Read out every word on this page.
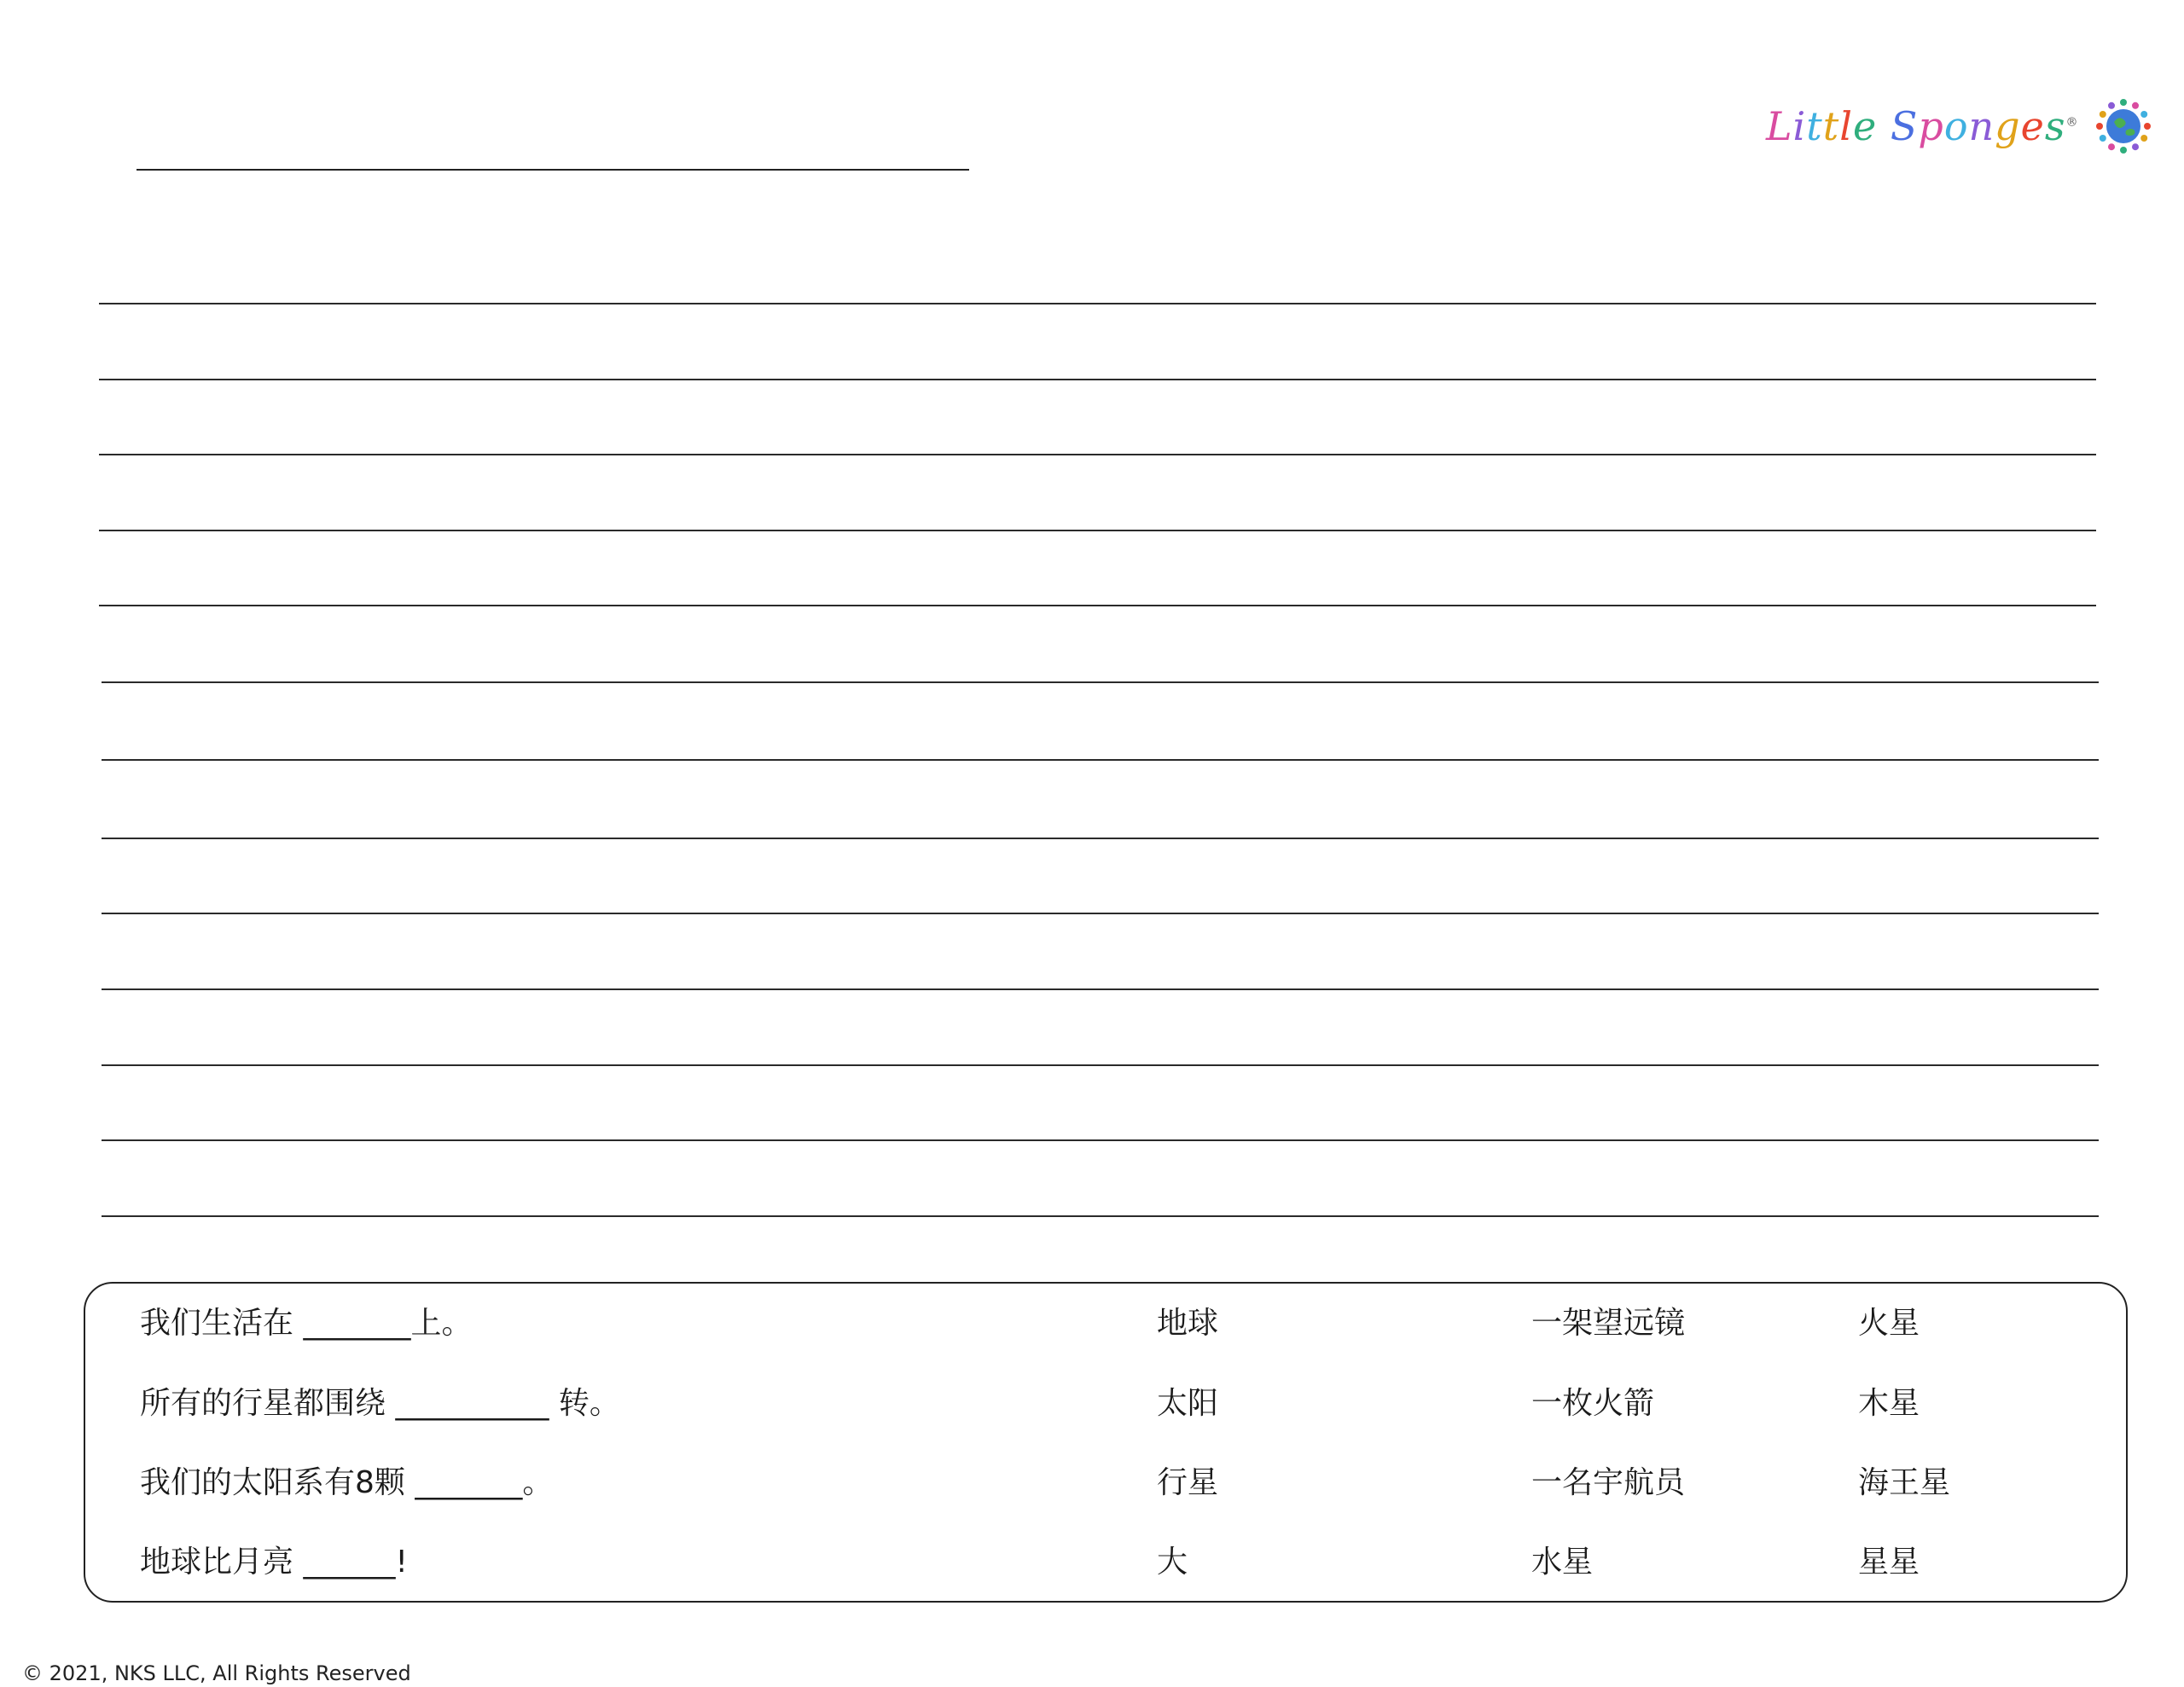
Little Sponges®
我们生活在 _______上。	地球	一架望远镜	火星
所有的行星都围绕 __________ 转。	太阳	一枚火箭	木星
我们的太阳系有8颗 _______。	行星	一名宇航员	海王星
地球比月亮 ______!	大	水星	星星
© 2021, NKS LLC, All Rights Reserved
